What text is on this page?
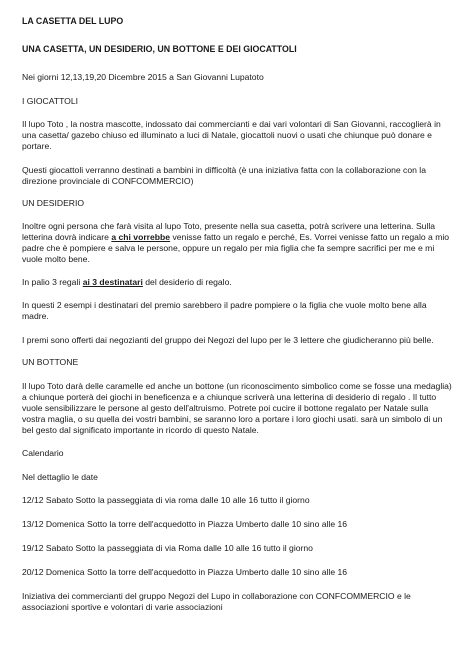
LA CASETTA DEL LUPO

UNA CASETTA, UN DESIDERIO, UN BOTTONE E DEI GIOCATTOLI

Nei giorni 12,13,19,20 Dicembre 2015 a San Giovanni Lupatoto

I GIOCATTOLI

Il lupo Toto , la nostra mascotte, indossato dai commercianti e dai vari volontari di San Giovanni, raccoglierà in una casetta/ gazebo chiuso ed illuminato a luci di Natale, giocattoli nuovi o usati che chiunque può donare e portare.

Questi giocattoli verranno destinati a bambini in difficoltà (è una iniziativa fatta con la collaborazione con la direzione provinciale di CONFCOMMERCIO)

UN DESIDERIO

Inoltre ogni persona che farà visita al lupo Toto, presente nella sua casetta, potrà scrivere una letterina. Sulla letterina dovrà indicare a chi vorrebbe venisse fatto un regalo e perché, Es. Vorrei venisse fatto un regalo a mio padre che è pompiere e salva le persone, oppure un regalo per mia figlia che fa sempre sacrifici per me e mi vuole molto bene.

In palio 3 regali ai 3 destinatari del desiderio di regalo.

In questi 2 esempi i destinatari del premio sarebbero il padre pompiere o la figlia che vuole molto bene alla madre.

I premi sono offerti dai negozianti del gruppo dei Negozi del lupo per le 3 lettere che giudicheranno più belle.

UN BOTTONE

Il lupo Toto darà delle caramelle ed anche un bottone (un riconoscimento simbolico come se fosse una medaglia) a chiunque porterà dei giochi in beneficenza e a chiunque scriverà una letterina di desiderio di regalo . Il tutto vuole sensibilizzare le persone al gesto dell'altruismo. Potrete poi cucire il bottone regalato per Natale sulla vostra maglia, o su quella dei vostri bambini, se saranno loro a portare i loro giochi usati. sarà un simbolo di un bel gesto dal significato importante in ricordo di questo Natale.

Calendario

Nel dettaglio le date

12/12 Sabato Sotto la passeggiata di via roma dalle 10 alle 16 tutto il giorno

13/12 Domenica Sotto la torre dell'acquedotto in Piazza Umberto dalle 10 sino alle 16

19/12 Sabato Sotto la passeggiata di via Roma dalle 10 alle 16 tutto il giorno

20/12 Domenica Sotto la torre dell'acquedotto in Piazza Umberto dalle 10 sino alle 16

Iniziativa dei commercianti del gruppo Negozi del Lupo in collaborazione con CONFCOMMERCIO e le associazioni sportive e volontari di varie associazioni
